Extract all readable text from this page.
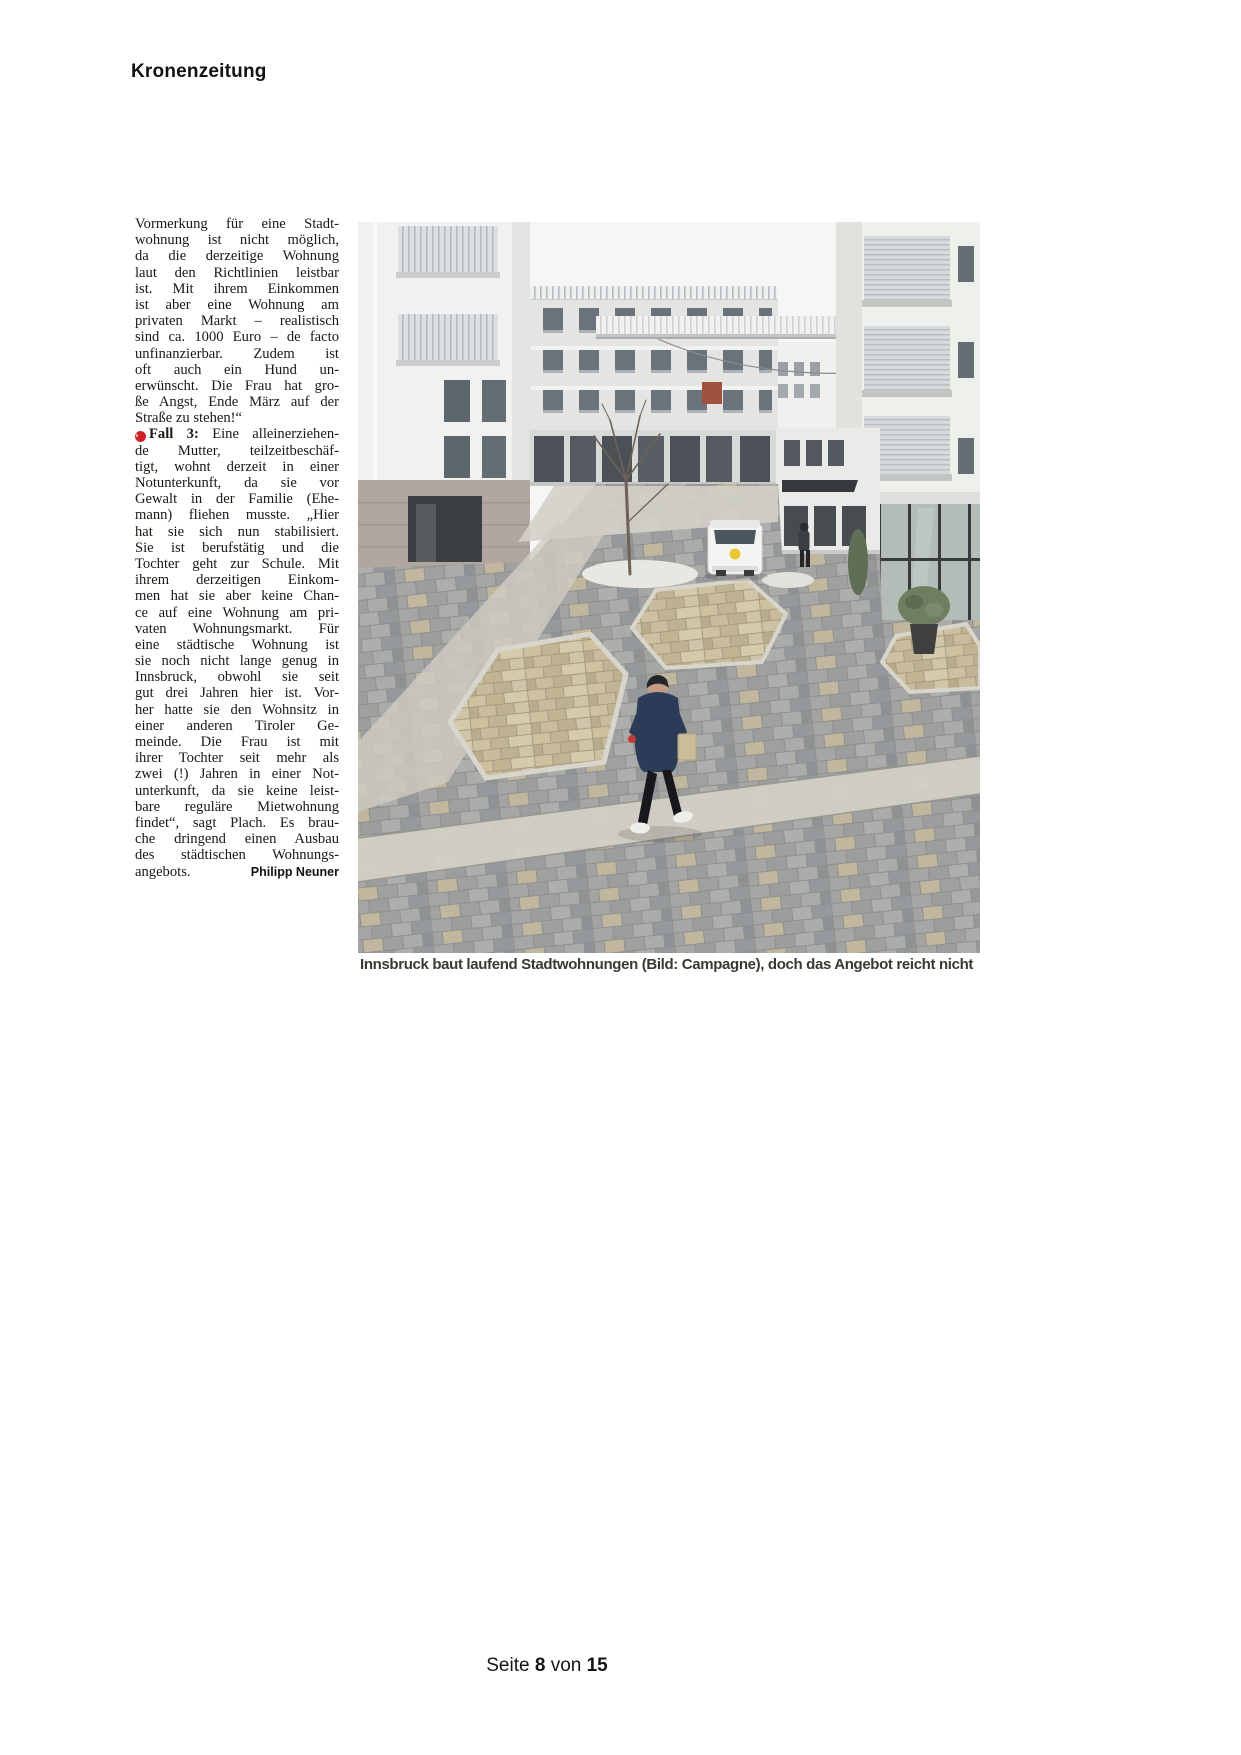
Kronenzeitung
Vormerkung für eine Stadt-
wohnung ist nicht möglich,
da die derzeitige Wohnung
laut den Richtlinien leistbar
ist. Mit ihrem Einkommen
ist aber eine Wohnung am
privaten Markt – realistisch
sind ca. 1000 Euro – de facto
unfinanzierbar. Zudem ist
oft auch ein Hund un-
erwünscht. Die Frau hat gro-
ße Angst, Ende März auf der
Straße zu stehen!“
› Fall 3: Eine alleinerziehen-
de Mutter, teilzeitbeschäf-
tigt, wohnt derzeit in einer
Notunterkunft, da sie vor
Gewalt in der Familie (Ehe-
mann) fliehen musste. „Hier
hat sie sich nun stabilisiert.
Sie ist berufstätig und die
Tochter geht zur Schule. Mit
ihrem derzeitigen Einkom-
men hat sie aber keine Chan-
ce auf eine Wohnung am pri-
vaten Wohnungsmarkt. Für
eine städtische Wohnung ist
sie noch nicht lange genug in
Innsbruck, obwohl sie seit
gut drei Jahren hier ist. Vor-
her hatte sie den Wohnsitz in
einer anderen Tiroler Ge-
meinde. Die Frau ist mit
ihrer Tochter seit mehr als
zwei (!) Jahren in einer Not-
unterkunft, da sie keine leist-
bare reguläre Mietwohnung
findet“, sagt Plach. Es brau-
che dringend einen Ausbau
des städtischen Wohnungs-
angebots.	Philipp Neuner
Innsbruck baut laufend Stadtwohnungen (Bild: Campagne), doch das Angebot reicht nicht
Seite 8 von 15
